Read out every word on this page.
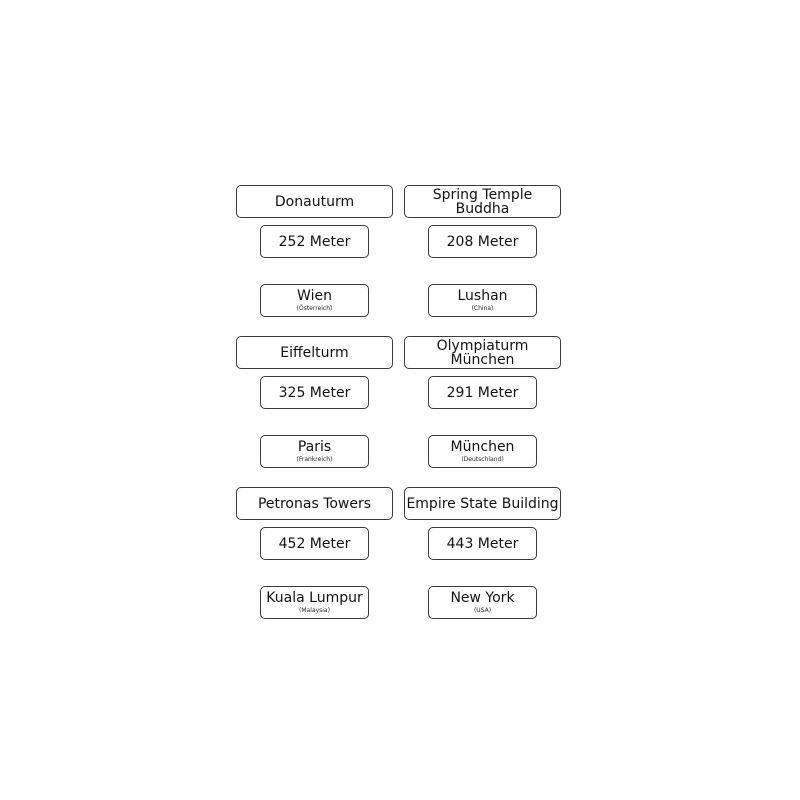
Donauturm	Spring Temple Buddha
252 Meter	208 Meter
Wien
(Österreich)
Lushan
(China)
Eiffelturm	Olympiaturm München
325 Meter	291 Meter
Paris
(Frankreich)
München
(Deutschland)
Petronas Towers	Empire State Building
452 Meter	443 Meter
Kuala Lumpur
(Malaysia)
New York
(USA)
